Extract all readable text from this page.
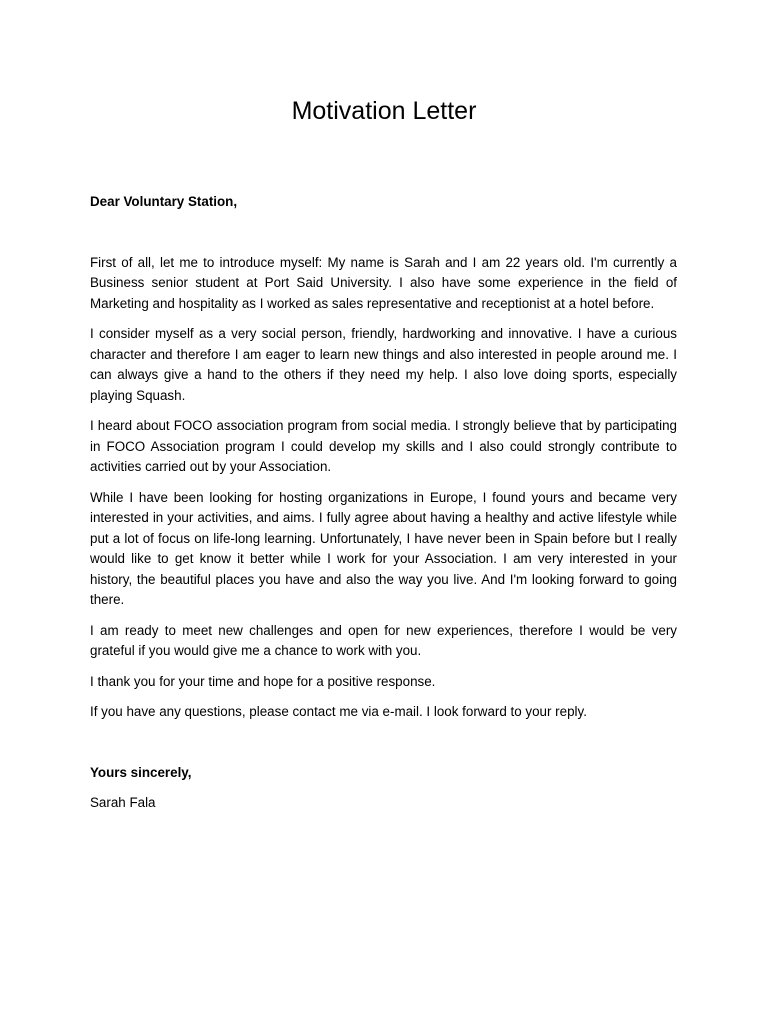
Motivation Letter

Dear Voluntary Station,

First of all, let me to introduce myself: My name is Sarah and I am 22 years old. I'm currently a Business senior student at Port Said University. I also have some experience in the field of Marketing and hospitality as I worked as sales representative and receptionist at a hotel before.

I consider myself as a very social person, friendly, hardworking and innovative. I have a curious character and therefore I am eager to learn new things and also interested in people around me. I can always give a hand to the others if they need my help. I also love doing sports, especially playing Squash.

I heard about FOCO association program from social media. I strongly believe that by participating in FOCO Association program I could develop my skills and I also could strongly contribute to activities carried out by your Association.

While I have been looking for hosting organizations in Europe, I found yours and became very interested in your activities, and aims. I fully agree about having a healthy and active lifestyle while put a lot of focus on life-long learning. Unfortunately, I have never been in Spain before but I really would like to get know it better while I work for your Association. I am very interested in your history, the beautiful places you have and also the way you live. And I'm looking forward to going there.

I am ready to meet new challenges and open for new experiences, therefore I would be very grateful if you would give me a chance to work with you.

I thank you for your time and hope for a positive response.

If you have any questions, please contact me via e-mail. I look forward to your reply.

Yours sincerely,

Sarah Fala
